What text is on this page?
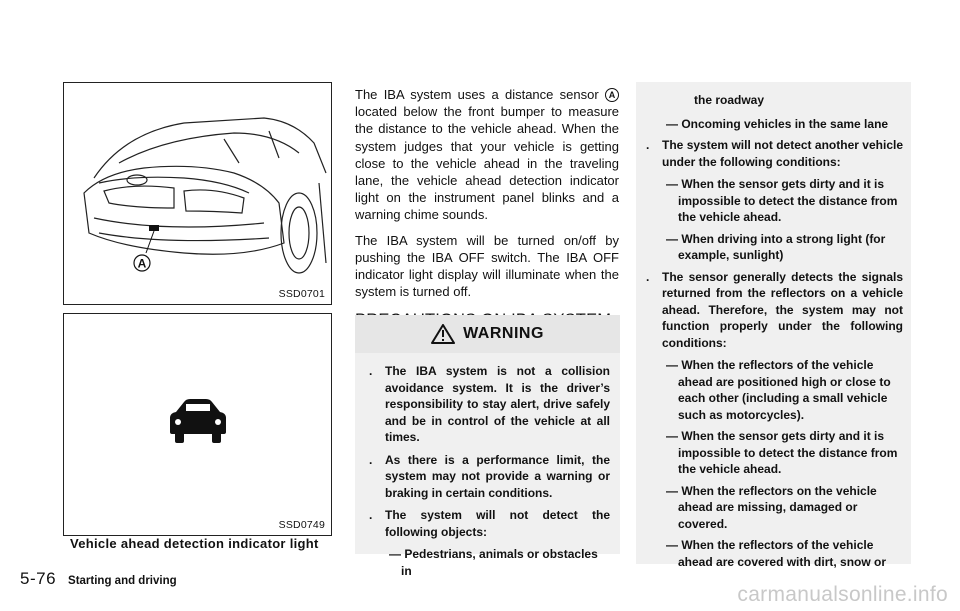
A
SSD0701
SSD0749
Vehicle ahead detection indicator light

The IBA system uses a distance sensor A located below the front bumper to measure the distance to the vehicle ahead. When the system judges that your vehicle is getting close to the vehicle ahead in the traveling lane, the vehicle ahead detection indicator light on the instrument panel blinks and a warning chime sounds.

The IBA system will be turned on/off by pushing the IBA OFF switch. The IBA OFF indicator light display will illuminate when the system is turned off.

WARNING
. The IBA system is not a collision avoidance system. It is the driver’s responsibility to stay alert, drive safely and be in control of the vehicle at all times.
. As there is a performance limit, the system may not provide a warning or braking in certain conditions.
. The system will not detect the following objects:
— Pedestrians, animals or obstacles in
the roadway
— Oncoming vehicles in the same lane
. The system will not detect another vehicle under the following conditions:
— When the sensor gets dirty and it is impossible to detect the distance from the vehicle ahead.
— When driving into a strong light (for example, sunlight)
. The sensor generally detects the signals returned from the reflectors on a vehicle ahead. Therefore, the system may not function properly under the following conditions:
— When the reflectors of the vehicle ahead are positioned high or close to each other (including a small vehicle such as motorcycles).
— When the sensor gets dirty and it is impossible to detect the distance from the vehicle ahead.
— When the reflectors on the vehicle ahead are missing, damaged or covered.
— When the reflectors of the vehicle ahead are covered with dirt, snow or
5-76 Starting and driving
carmanualsonline.info
